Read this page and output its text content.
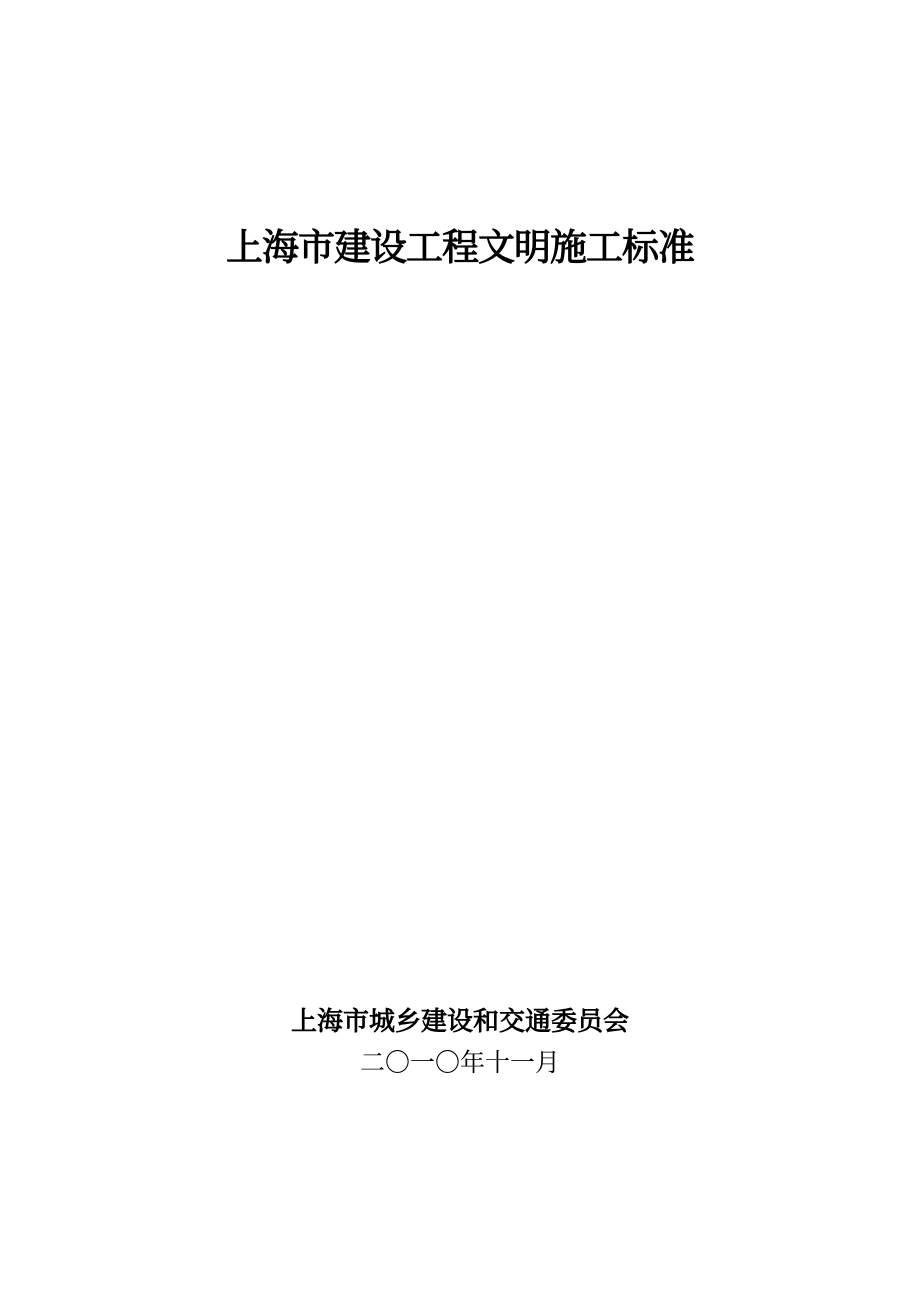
上海市建设工程文明施工标准
上海市城乡建设和交通委员会
二〇一〇年十一月
